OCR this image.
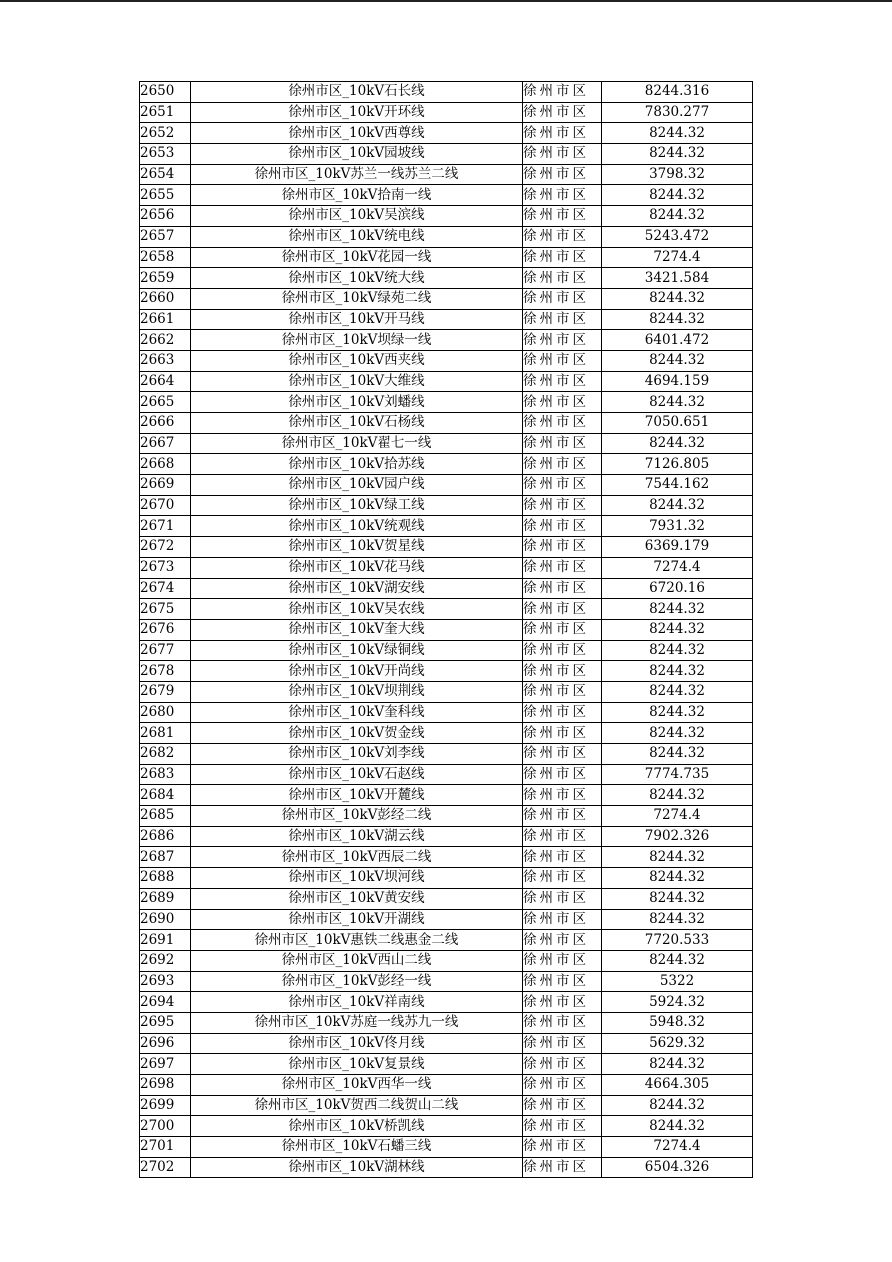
2650	徐州市区_10kV石长线	徐州市区	8244.316
2651	徐州市区_10kV开环线	徐州市区	7830.277
2652	徐州市区_10kV西尊线	徐州市区	8244.32
2653	徐州市区_10kV园坡线	徐州市区	8244.32
2654	徐州市区_10kV苏兰一线苏兰二线	徐州市区	3798.32
2655	徐州市区_10kV拾南一线	徐州市区	8244.32
2656	徐州市区_10kV吴滨线	徐州市区	8244.32
2657	徐州市区_10kV统电线	徐州市区	5243.472
2658	徐州市区_10kV花园一线	徐州市区	7274.4
2659	徐州市区_10kV统大线	徐州市区	3421.584
2660	徐州市区_10kV绿苑二线	徐州市区	8244.32
2661	徐州市区_10kV开马线	徐州市区	8244.32
2662	徐州市区_10kV坝绿一线	徐州市区	6401.472
2663	徐州市区_10kV西夹线	徐州市区	8244.32
2664	徐州市区_10kV大维线	徐州市区	4694.159
2665	徐州市区_10kV刘蟠线	徐州市区	8244.32
2666	徐州市区_10kV石杨线	徐州市区	7050.651
2667	徐州市区_10kV翟七一线	徐州市区	8244.32
2668	徐州市区_10kV拾苏线	徐州市区	7126.805
2669	徐州市区_10kV园户线	徐州市区	7544.162
2670	徐州市区_10kV绿工线	徐州市区	8244.32
2671	徐州市区_10kV统观线	徐州市区	7931.32
2672	徐州市区_10kV贺星线	徐州市区	6369.179
2673	徐州市区_10kV花马线	徐州市区	7274.4
2674	徐州市区_10kV湖安线	徐州市区	6720.16
2675	徐州市区_10kV吴农线	徐州市区	8244.32
2676	徐州市区_10kV奎大线	徐州市区	8244.32
2677	徐州市区_10kV绿铜线	徐州市区	8244.32
2678	徐州市区_10kV开尚线	徐州市区	8244.32
2679	徐州市区_10kV坝荆线	徐州市区	8244.32
2680	徐州市区_10kV奎科线	徐州市区	8244.32
2681	徐州市区_10kV贺金线	徐州市区	8244.32
2682	徐州市区_10kV刘李线	徐州市区	8244.32
2683	徐州市区_10kV石赵线	徐州市区	7774.735
2684	徐州市区_10kV开麓线	徐州市区	8244.32
2685	徐州市区_10kV彭经二线	徐州市区	7274.4
2686	徐州市区_10kV湖云线	徐州市区	7902.326
2687	徐州市区_10kV西辰二线	徐州市区	8244.32
2688	徐州市区_10kV坝河线	徐州市区	8244.32
2689	徐州市区_10kV黄安线	徐州市区	8244.32
2690	徐州市区_10kV开湖线	徐州市区	8244.32
2691	徐州市区_10kV惠铁二线惠金二线	徐州市区	7720.533
2692	徐州市区_10kV西山二线	徐州市区	8244.32
2693	徐州市区_10kV彭经一线	徐州市区	5322
2694	徐州市区_10kV祥南线	徐州市区	5924.32
2695	徐州市区_10kV苏庭一线苏九一线	徐州市区	5948.32
2696	徐州市区_10kV佟月线	徐州市区	5629.32
2697	徐州市区_10kV复景线	徐州市区	8244.32
2698	徐州市区_10kV西华一线	徐州市区	4664.305
2699	徐州市区_10kV贺西二线贺山二线	徐州市区	8244.32
2700	徐州市区_10kV桥凯线	徐州市区	8244.32
2701	徐州市区_10kV石蟠三线	徐州市区	7274.4
2702	徐州市区_10kV湖林线	徐州市区	6504.326
